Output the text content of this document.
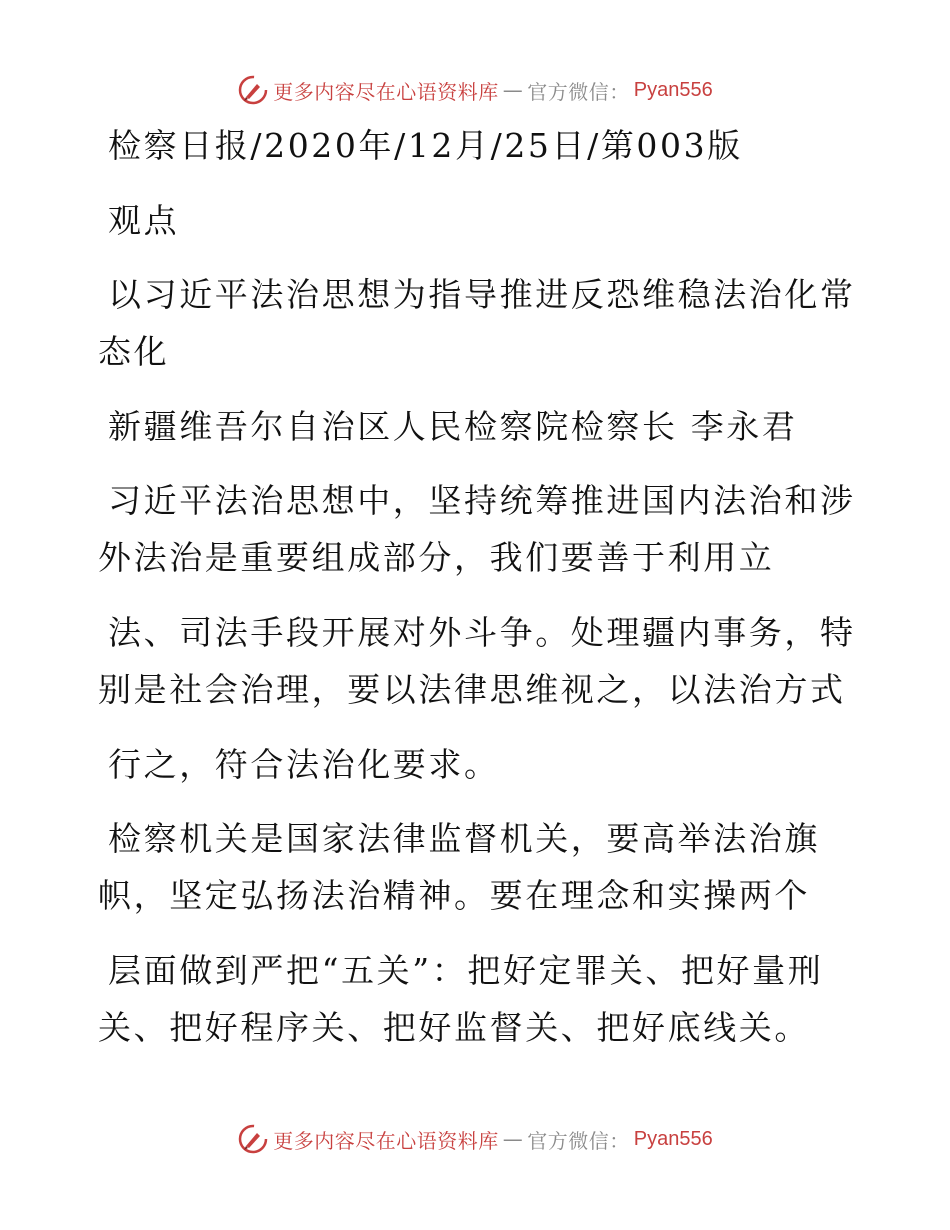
更多内容尽在心语资料库 — 官方微信： Pyan556
检察日报/2020年/12月/25日/第003版
观点
以习近平法治思想为指导推进反恐维稳法治化常
态化
新疆维吾尔自治区人民检察院检察长 李永君
习近平法治思想中，坚持统筹推进国内法治和涉
外法治是重要组成部分，我们要善于利用立
法、司法手段开展对外斗争。处理疆内事务，特
别是社会治理，要以法律思维视之，以法治方式
行之，符合法治化要求。
检察机关是国家法律监督机关，要高举法治旗
帜，坚定弘扬法治精神。要在理念和实操两个
层面做到严把“五关”：把好定罪关、把好量刑
关、把好程序关、把好监督关、把好底线关。
更多内容尽在心语资料库 — 官方微信： Pyan556
